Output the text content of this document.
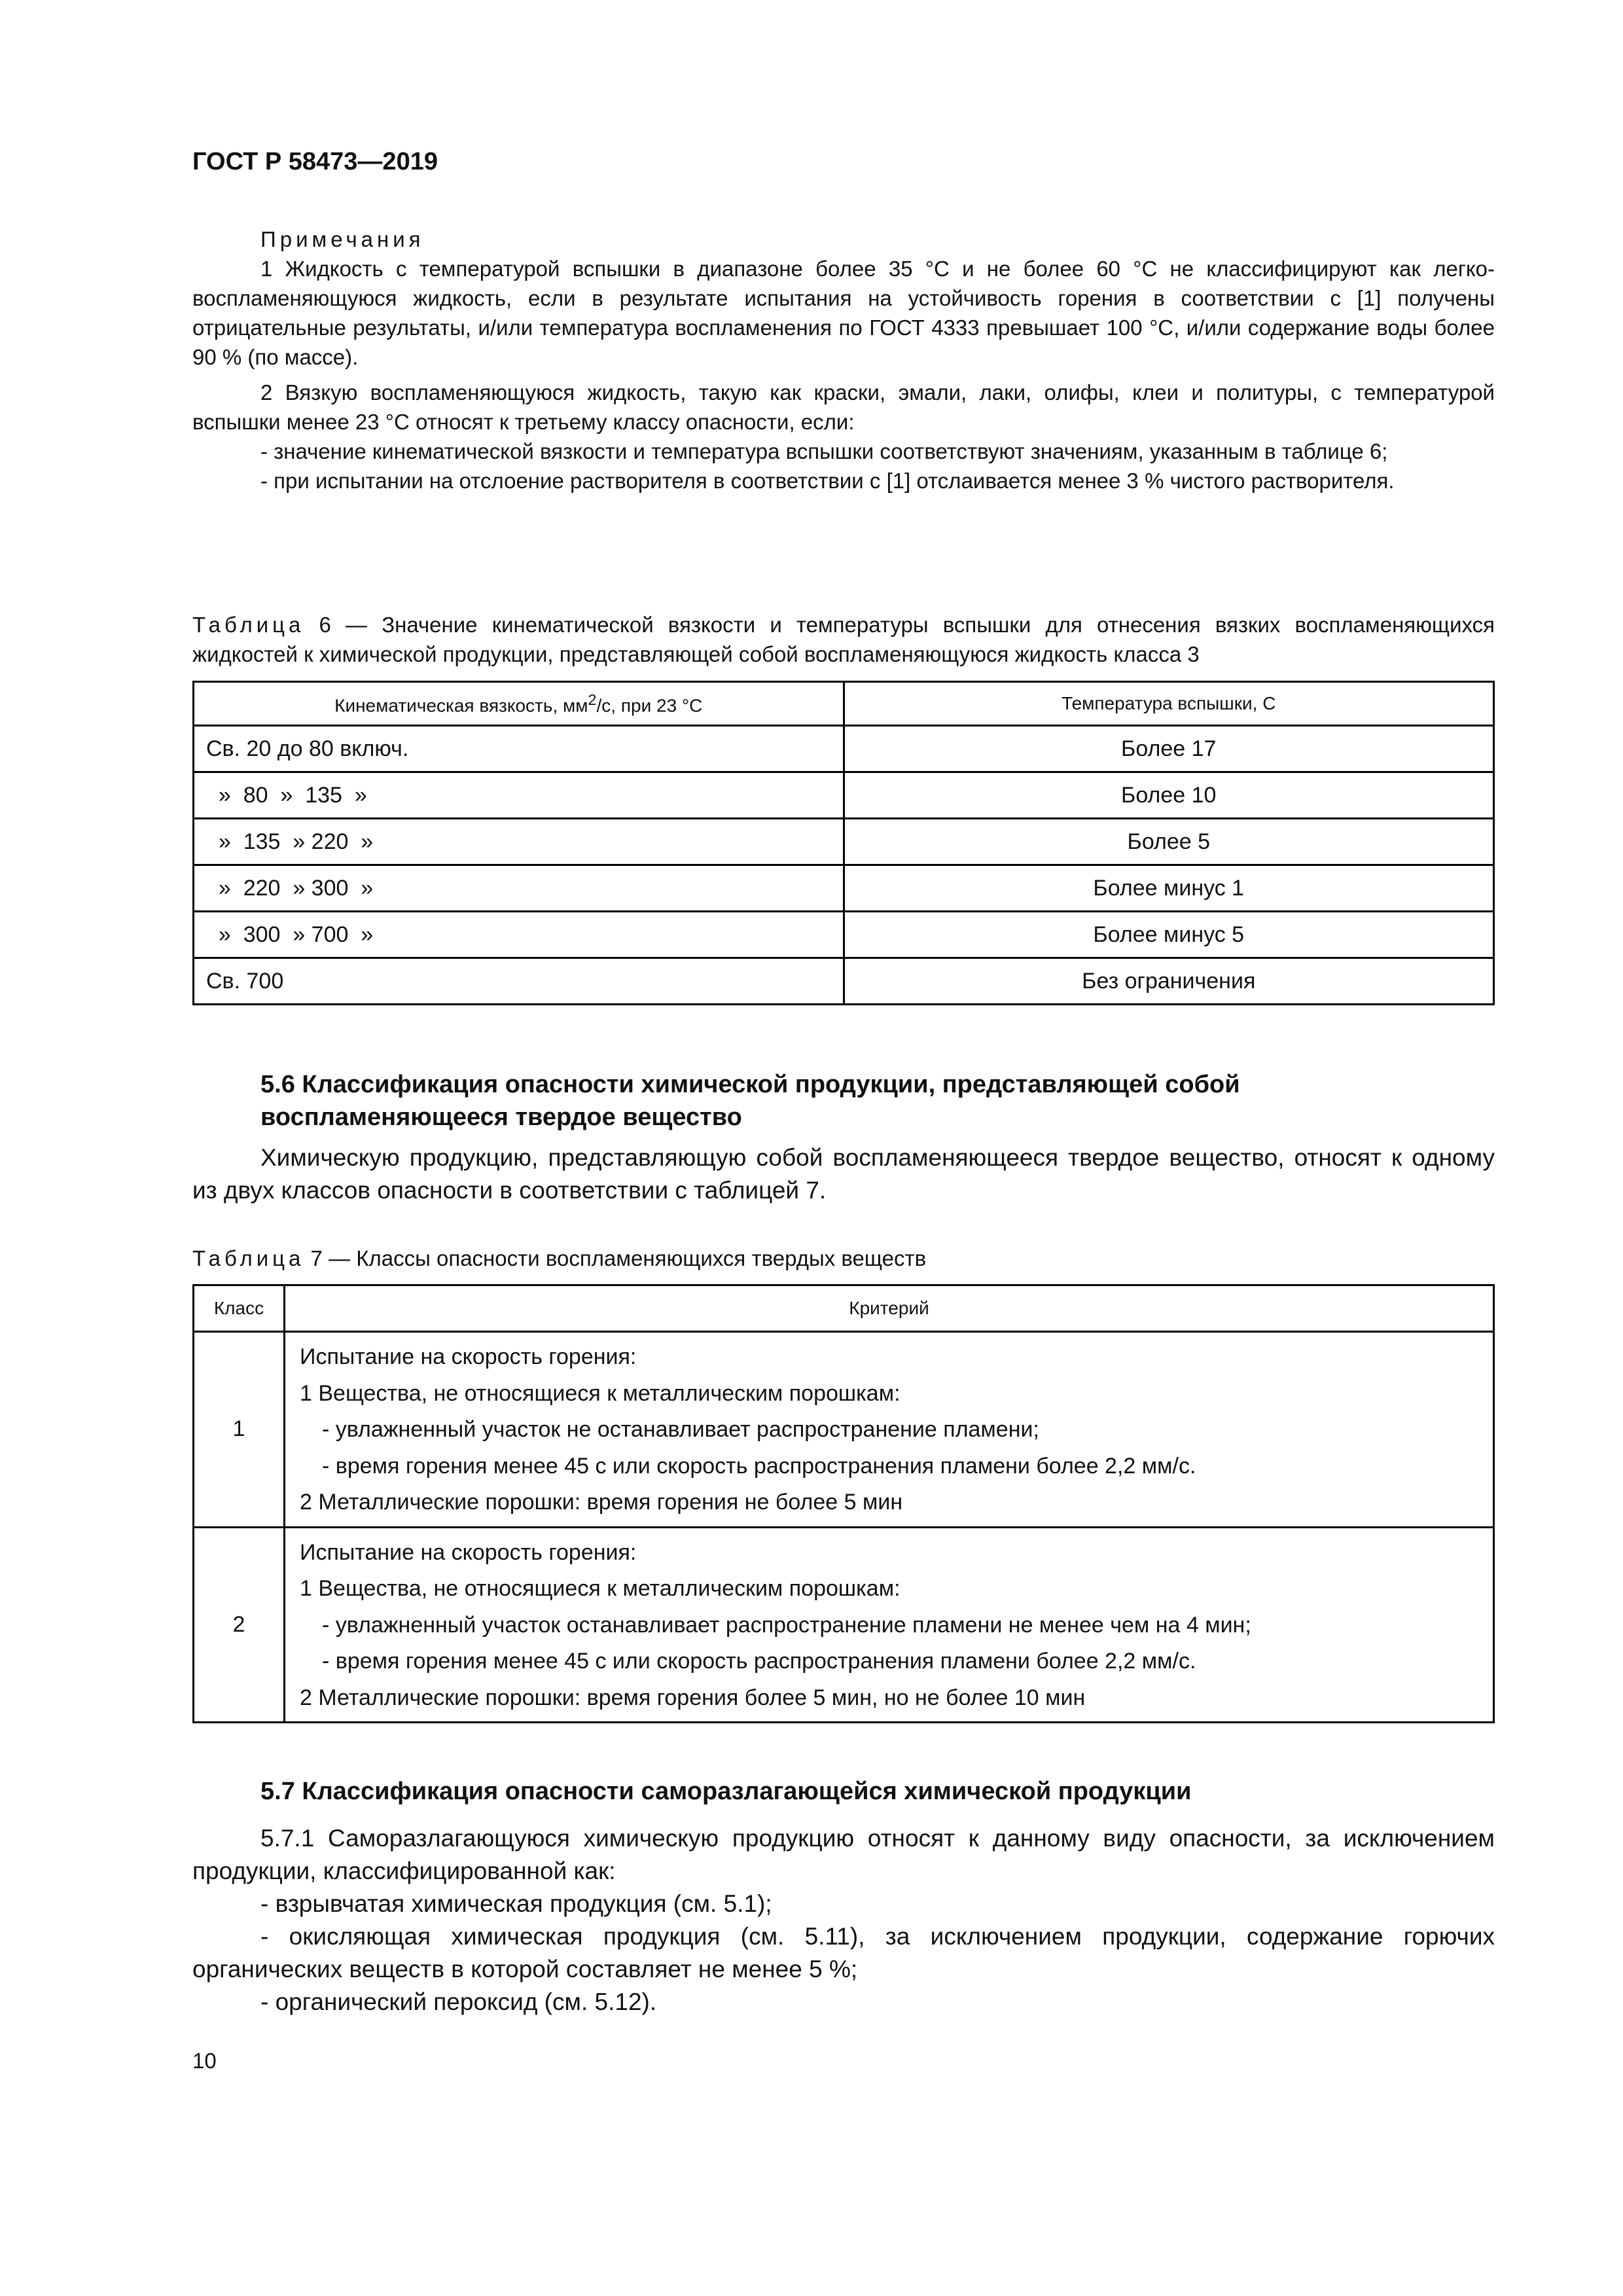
ГОСТ Р 58473—2019

Примечания

1 Жидкость с температурой вспышки в диапазоне более 35 °С и не более 60 °С не классифицируют как легко-воспламеняющуюся жидкость, если в результате испытания на устойчивость горения в соответствии с [1] получены отрицательные результаты, и/или температура воспламенения по ГОСТ 4333 превышает 100 °С, и/или содержание воды более 90 % (по массе).

2 Вязкую воспламеняющуюся жидкость, такую как краски, эмали, лаки, олифы, клеи и политуры, с температурой вспышки менее 23 °С относят к третьему классу опасности, если:

- значение кинематической вязкости и температура вспышки соответствуют значениям, указанным в таблице 6;

- при испытании на отслоение растворителя в соответствии с [1] отслаивается менее 3 % чистого растворителя.

Таблица 6 — Значение кинематической вязкости и температуры вспышки для отнесения вязких воспламеняющихся жидкостей к химической продукции, представляющей собой воспламеняющуюся жидкость класса 3

Кинематическая вязкость, $мм^2/с$, при 23 °С	Температура вспышки, С
Св. 20 до 80 включ.	Более 17
»  80  »  135  »	Более 10
»  135  » 220  »	Более 5
»  220  » 300  »	Более минус 1
»  300  » 700  »	Более минус 5
Св. 700	Без ограничения

5.6 Классификация опасности химической продукции, представляющей собой воспламеняющееся твердое вещество

Химическую продукцию, представляющую собой воспламеняющееся твердое вещество, относят к одному из двух классов опасности в соответствии с таблицей 7.

Таблица 7 — Классы опасности воспламеняющихся твердых веществ

Класс	Критерий
1	Испытание на скорость горения:
1 Вещества, не относящиеся к металлическим порошкам:
- увлажненный участок не останавливает распространение пламени;
- время горения менее 45 с или скорость распространения пламени более 2,2 мм/с.
2 Металлические порошки: время горения не более 5 мин

2	Испытание на скорость горения:
1 Вещества, не относящиеся к металлическим порошкам:
- увлажненный участок останавливает распространение пламени не менее чем на 4 мин;
- время горения менее 45 с или скорость распространения пламени более 2,2 мм/с.
2 Металлические порошки: время горения более 5 мин, но не более 10 мин

5.7 Классификация опасности саморазлагающейся химической продукции

5.7.1 Саморазлагающуюся химическую продукцию относят к данному виду опасности, за исключением продукции, классифицированной как:

- взрывчатая химическая продукция (см. 5.1);

- окисляющая химическая продукция (см. 5.11), за исключением продукции, содержание горючих органических веществ в которой составляет не менее 5 %;

- органический пероксид (см. 5.12).

10
